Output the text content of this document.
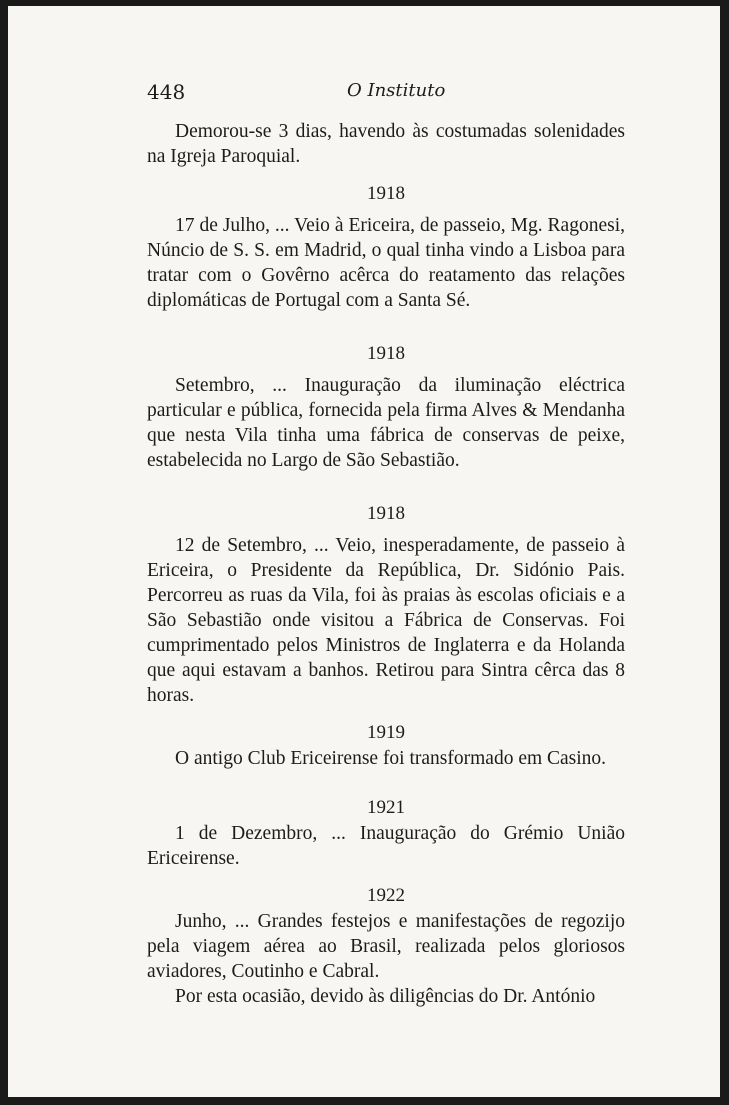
448	O Instituto

Demorou-se 3 dias, havendo às costumadas solenidades na Igreja Paroquial.

1918

17 de Julho, ... Veio à Ericeira, de passeio, Mg. Ragonesi, Núncio de S. S. em Madrid, o qual tinha vindo a Lisboa para tratar com o Govêrno acêrca do reatamento das relações diplomáticas de Portugal com a Santa Sé.

1918

Setembro, ... Inauguração da iluminação eléctrica particular e pública, fornecida pela firma Alves & Mendanha que nesta Vila tinha uma fábrica de conservas de peixe, estabelecida no Largo de São Sebastião.

1918

12 de Setembro, ... Veio, inesperadamente, de passeio à Ericeira, o Presidente da República, Dr. Sidónio Pais. Percorreu as ruas da Vila, foi às praias às escolas oficiais e a São Sebastião onde visitou a Fábrica de Conservas. Foi cumprimentado pelos Ministros de Inglaterra e da Holanda que aqui estavam a banhos. Retirou para Sintra cêrca das 8 horas.

1919

O antigo Club Ericeirense foi transformado em Casino.

1921

1 de Dezembro, ... Inauguração do Grémio União Ericeirense.

1922

Junho, ... Grandes festejos e manifestações de regozijo pela viagem aérea ao Brasil, realizada pelos gloriosos aviadores, Coutinho e Cabral.

Por esta ocasião, devido às diligências do Dr. António
